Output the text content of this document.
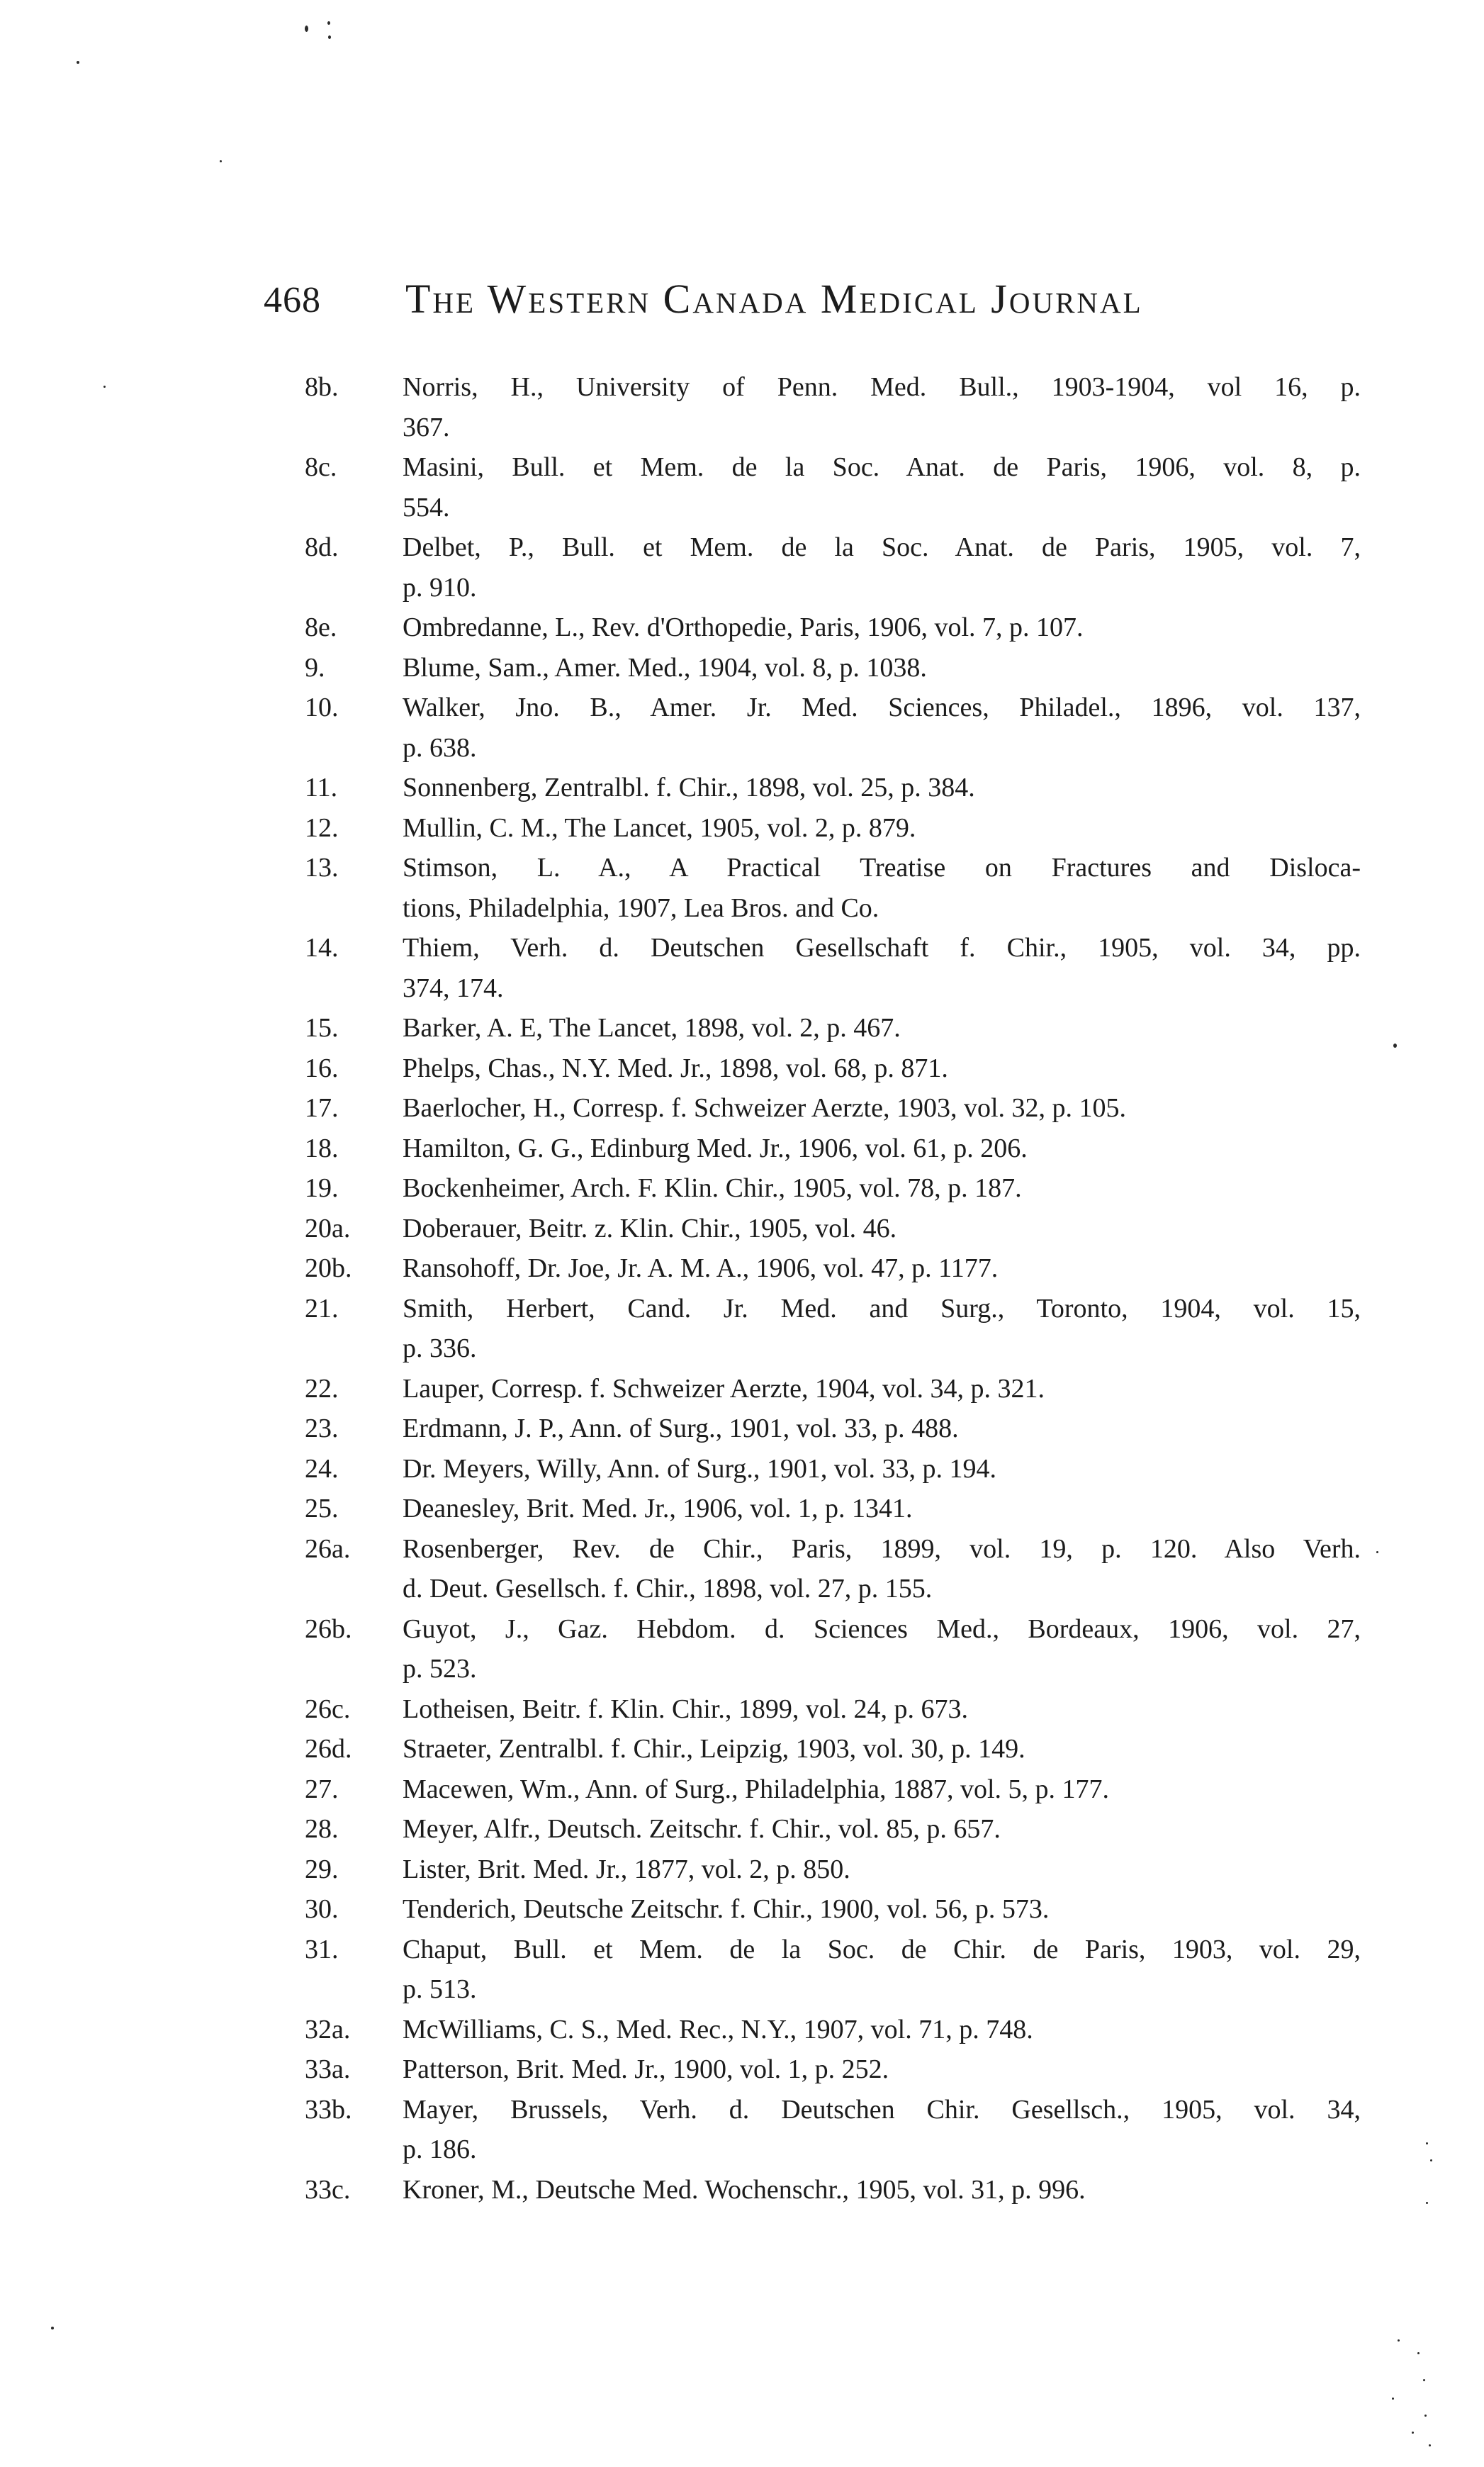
468 The Western Canada Medical Journal
8b.	Norris, H., University of Penn. Med. Bull., 1903-1904, vol 16, p.
367.
8c.	Masini, Bull. et Mem. de la Soc. Anat. de Paris, 1906, vol. 8, p.
554.
8d.	Delbet, P., Bull. et Mem. de la Soc. Anat. de Paris, 1905, vol. 7,
p. 910.
8e.	Ombredanne, L., Rev. d'Orthopedie, Paris, 1906, vol. 7, p. 107.
9.	Blume, Sam., Amer. Med., 1904, vol. 8, p. 1038.
10.	Walker, Jno. B., Amer. Jr. Med. Sciences, Philadel., 1896, vol. 137,
p. 638.
11.	Sonnenberg, Zentralbl. f. Chir., 1898, vol. 25, p. 384.
12.	Mullin, C. M., The Lancet, 1905, vol. 2, p. 879.
13.	Stimson, L. A., A Practical Treatise on Fractures and Disloca-
tions, Philadelphia, 1907, Lea Bros. and Co.
14.	Thiem, Verh. d. Deutschen Gesellschaft f. Chir., 1905, vol. 34, pp.
374, 174.
15.	Barker, A. E, The Lancet, 1898, vol. 2, p. 467.
16.	Phelps, Chas., N.Y. Med. Jr., 1898, vol. 68, p. 871.
17.	Baerlocher, H., Corresp. f. Schweizer Aerzte, 1903, vol. 32, p. 105.
18.	Hamilton, G. G., Edinburg Med. Jr., 1906, vol. 61, p. 206.
19.	Bockenheimer, Arch. F. Klin. Chir., 1905, vol. 78, p. 187.
20a.	Doberauer, Beitr. z. Klin. Chir., 1905, vol. 46.
20b.	Ransohoff, Dr. Joe, Jr. A. M. A., 1906, vol. 47, p. 1177.
21.	Smith, Herbert, Cand. Jr. Med. and Surg., Toronto, 1904, vol. 15,
p. 336.
22.	Lauper, Corresp. f. Schweizer Aerzte, 1904, vol. 34, p. 321.
23.	Erdmann, J. P., Ann. of Surg., 1901, vol. 33, p. 488.
24.	Dr. Meyers, Willy, Ann. of Surg., 1901, vol. 33, p. 194.
25.	Deanesley, Brit. Med. Jr., 1906, vol. 1, p. 1341.
26a.	Rosenberger, Rev. de Chir., Paris, 1899, vol. 19, p. 120. Also Verh.
d. Deut. Gesellsch. f. Chir., 1898, vol. 27, p. 155.
26b.	Guyot, J., Gaz. Hebdom. d. Sciences Med., Bordeaux, 1906, vol. 27,
p. 523.
26c.	Lotheisen, Beitr. f. Klin. Chir., 1899, vol. 24, p. 673.
26d.	Straeter, Zentralbl. f. Chir., Leipzig, 1903, vol. 30, p. 149.
27.	Macewen, Wm., Ann. of Surg., Philadelphia, 1887, vol. 5, p. 177.
28.	Meyer, Alfr., Deutsch. Zeitschr. f. Chir., vol. 85, p. 657.
29.	Lister, Brit. Med. Jr., 1877, vol. 2, p. 850.
30.	Tenderich, Deutsche Zeitschr. f. Chir., 1900, vol. 56, p. 573.
31.	Chaput, Bull. et Mem. de la Soc. de Chir. de Paris, 1903, vol. 29,
p. 513.
32a.	McWilliams, C. S., Med. Rec., N.Y., 1907, vol. 71, p. 748.
33a.	Patterson, Brit. Med. Jr., 1900, vol. 1, p. 252.
33b.	Mayer, Brussels, Verh. d. Deutschen Chir. Gesellsch., 1905, vol. 34,
p. 186.
33c.	Kroner, M., Deutsche Med. Wochenschr., 1905, vol. 31, p. 996.
